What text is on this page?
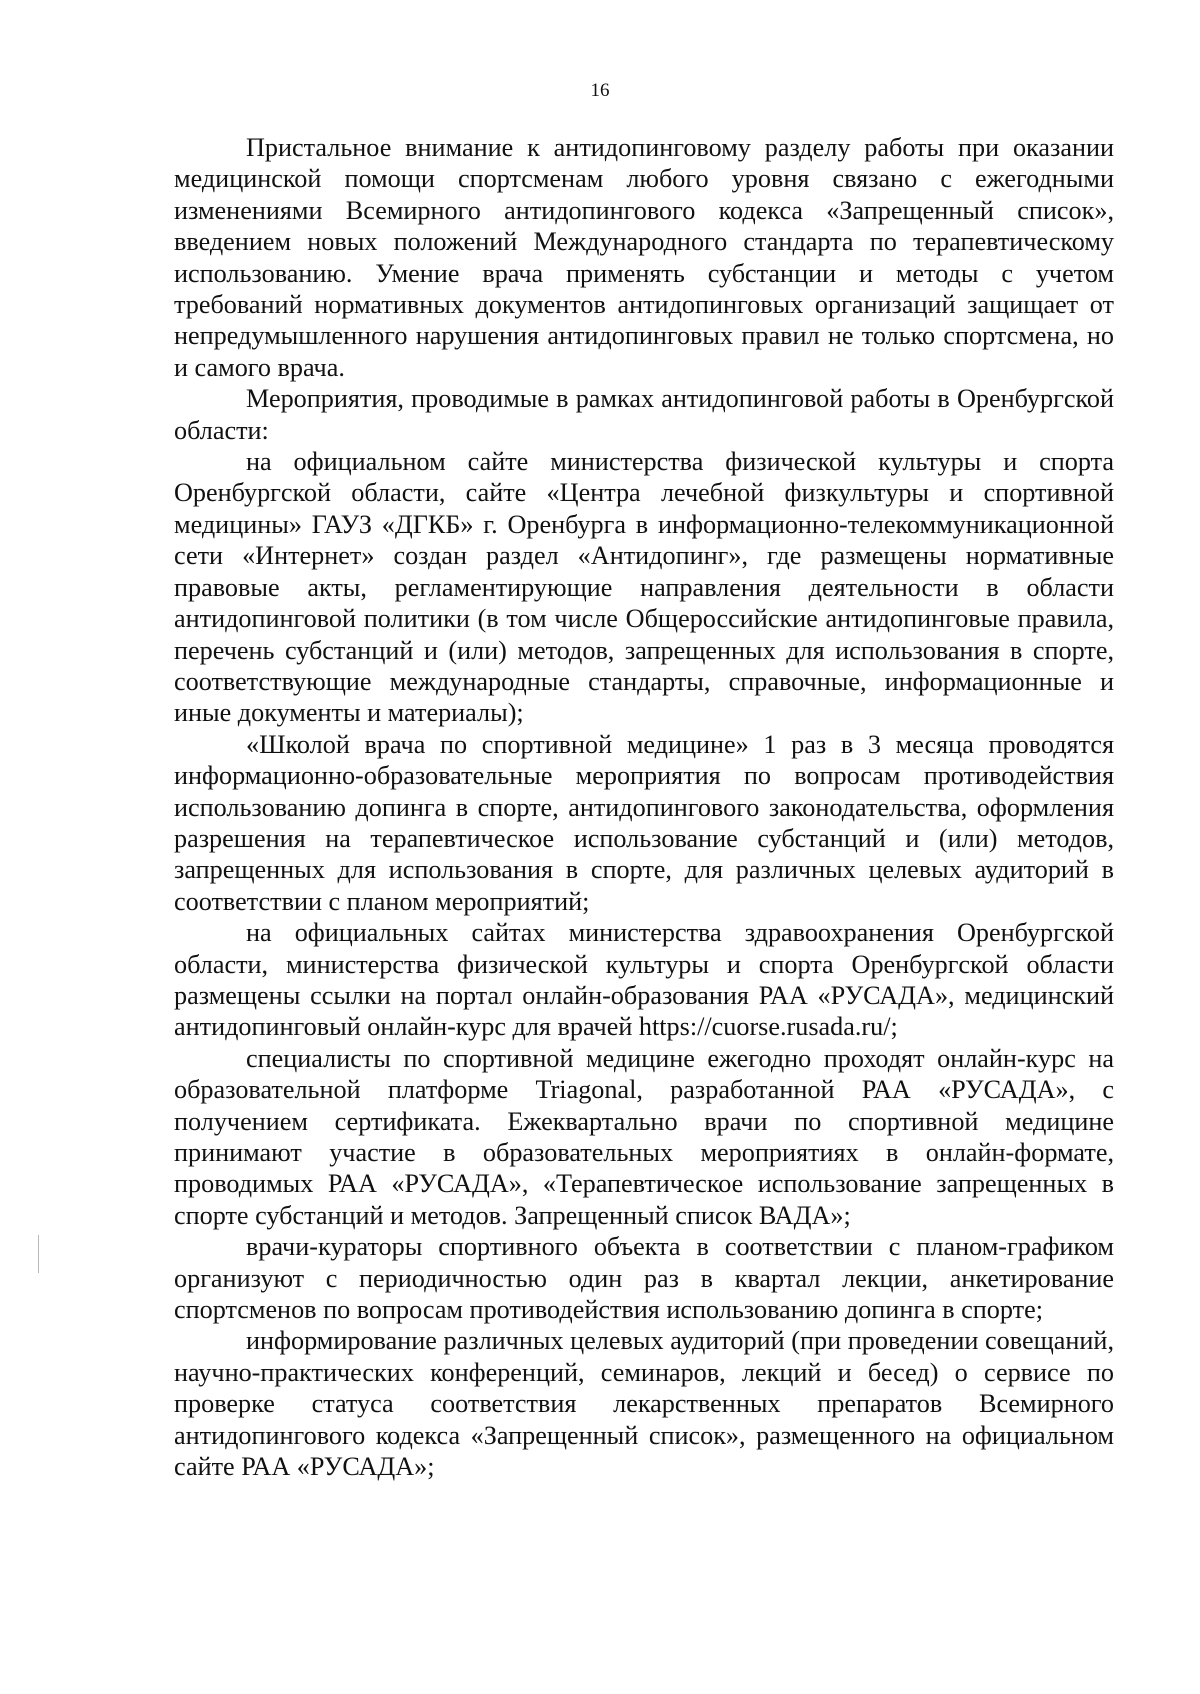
16

Пристальное внимание к антидопинговому разделу работы при оказании медицинской помощи спортсменам любого уровня связано с ежегодными изменениями Всемирного антидопингового кодекса «Запрещенный список», введением новых положений Международного стандарта по терапевтическому использованию. Умение врача применять субстанции и методы с учетом требований нормативных документов антидопинговых организаций защищает от непредумышленного нарушения антидопинговых правил не только спортсмена, но и самого врача.

Мероприятия, проводимые в рамках антидопинговой работы в Оренбургской области:

на официальном сайте министерства физической культуры и спорта Оренбургской области, сайте «Центра лечебной физкультуры и спортивной медицины» ГАУЗ «ДГКБ» г. Оренбурга в информационно-телекоммуникационной сети «Интернет» создан раздел «Антидопинг», где размещены нормативные правовые акты, регламентирующие направления деятельности в области антидопинговой политики (в том числе Общероссийские антидопинговые правила, перечень субстанций и (или) методов, запрещенных для использования в спорте, соответствующие международные стандарты, справочные, информационные и иные документы и материалы);

«Школой врача по спортивной медицине» 1 раз в 3 месяца проводятся информационно-образовательные мероприятия по вопросам противодействия использованию допинга в спорте, антидопингового законодательства, оформления разрешения на терапевтическое использование субстанций и (или) методов, запрещенных для использования в спорте, для различных целевых аудиторий в соответствии с планом мероприятий;

на официальных сайтах министерства здравоохранения Оренбургской области, министерства физической культуры и спорта Оренбургской области размещены ссылки на портал онлайн-образования РАА «РУСАДА», медицинский антидопинговый онлайн-курс для врачей https://cuorse.rusada.ru/;

специалисты по спортивной медицине ежегодно проходят онлайн-курс на образовательной платформе Triagonal, разработанной РАА «РУСАДА», с получением сертификата. Ежеквартально врачи по спортивной медицине принимают участие в образовательных мероприятиях в онлайн-формате, проводимых РАА «РУСАДА», «Терапевтическое использование запрещенных в спорте субстанций и методов. Запрещенный список ВАДА»;

врачи-кураторы спортивного объекта в соответствии с планом-графиком организуют с периодичностью один раз в квартал лекции, анкетирование спортсменов по вопросам противодействия использованию допинга в спорте;

информирование различных целевых аудиторий (при проведении совещаний, научно-практических конференций, семинаров, лекций и бесед) о сервисе по проверке статуса соответствия лекарственных препаратов Всемирного антидопингового кодекса «Запрещенный список», размещенного на официальном сайте РАА «РУСАДА»;
